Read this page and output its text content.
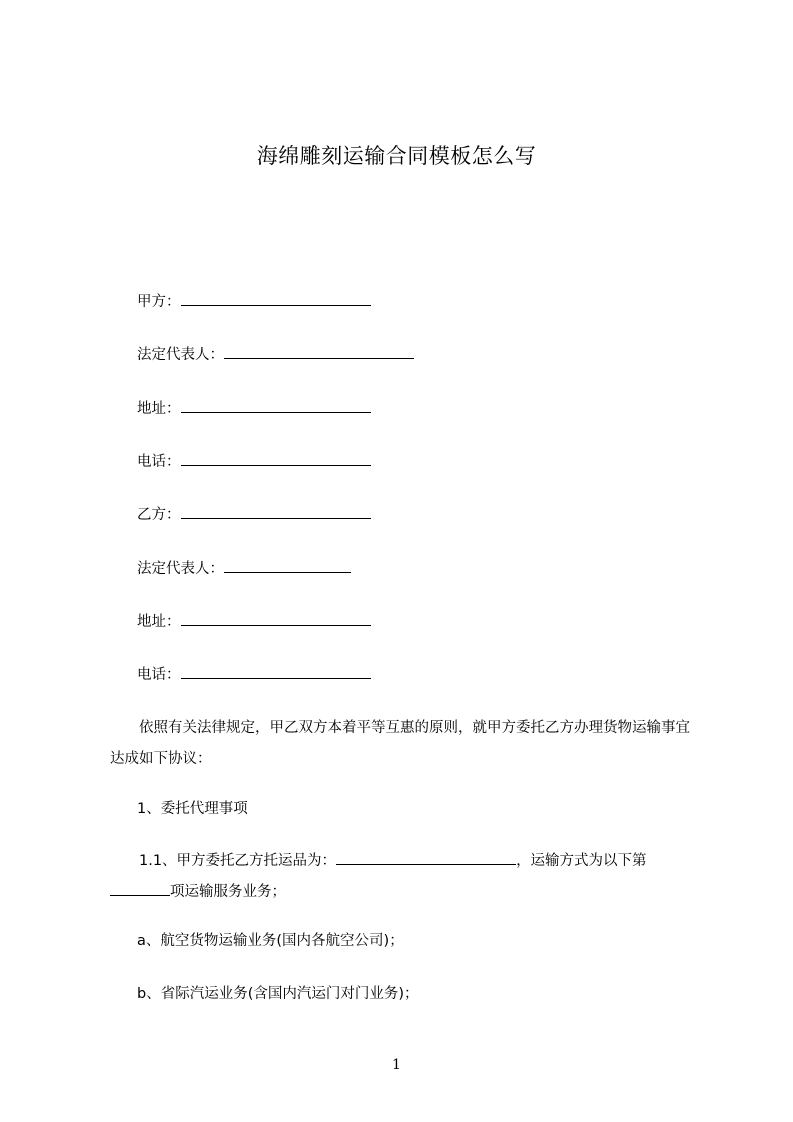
海绵雕刻运输合同模板怎么写
甲方：
法定代表人：
地址：
电话：
乙方：
法定代表人：
地址：
电话：
依照有关法律规定，甲乙双方本着平等互惠的原则，就甲方委托乙方办理货物运输事宜达成如下协议：
1、委托代理事项
1.1、甲方委托乙方托运品为：	，运输方式为以下第项运输服务业务；
a、航空货物运输业务(国内各航空公司)；
b、省际汽运业务(含国内汽运门对门业务)；
1
